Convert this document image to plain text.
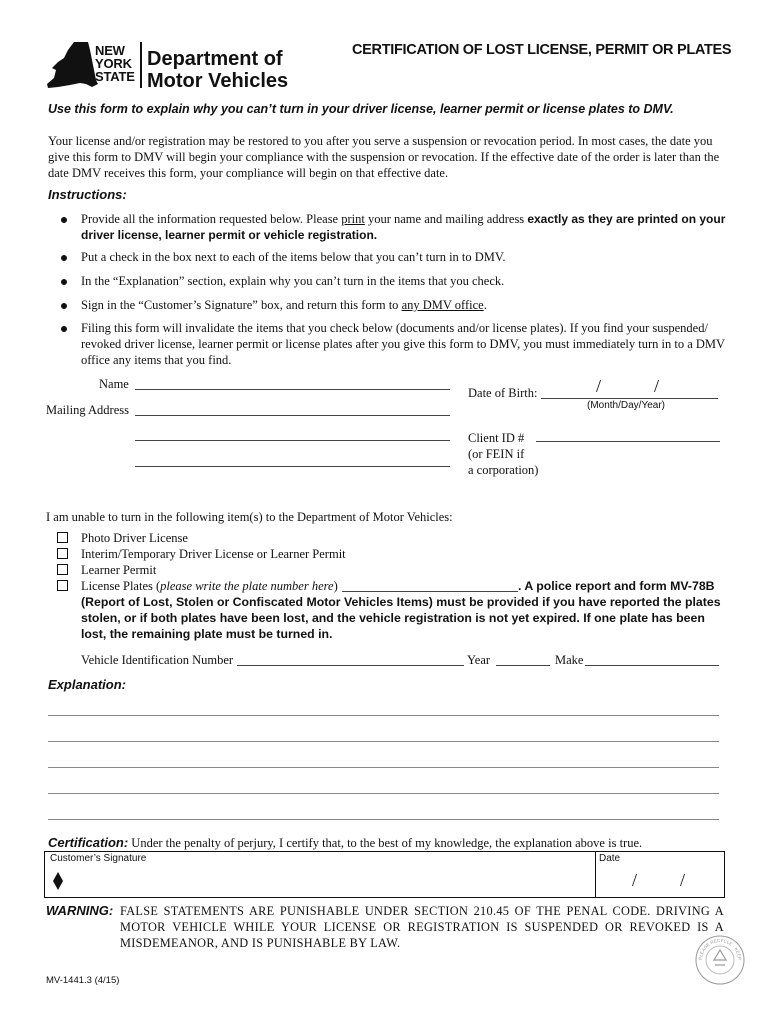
NEW
YORK
STATE
Department of
Motor Vehicles
CERTIFICATION OF LOST LICENSE, PERMIT OR PLATES
Use this form to explain why you can’t turn in your driver license, learner permit or license plates to DMV.
Your license and/or registration may be restored to you after you serve a suspension or revocation period. In most cases, the date you give this form to DMV will begin your compliance with the suspension or revocation. If the effective date of the order is later than the date DMV receives this form, your compliance will begin on that effective date.
Instructions:
Provide all the information requested below. Please print your name and mailing address exactly as they are printed on your driver license, learner permit or vehicle registration.
Put a check in the box next to each of the items below that you can’t turn in to DMV.
In the “Explanation” section, explain why you can’t turn in the items that you check.
Sign in the “Customer’s Signature” box, and return this form to any DMV office.
Filing this form will invalidate the items that you check below (documents and/or license plates). If you find your suspended/ revoked driver license, learner permit or license plates after you give this form to DMV, you must immediately turn in to a DMV office any items that you find.
Name
Mailing Address
Date of Birth:	/	/
(Month/Day/Year)
Client ID #
(or FEIN if
a corporation)
I am unable to turn in the following item(s) to the Department of Motor Vehicles:
Photo Driver License
Interim/Temporary Driver License or Learner Permit
Learner Permit
License Plates (please write the plate number here)	. A police report and form MV-78B
(Report of Lost, Stolen or Confiscated Motor Vehicles Items) must be provided if you have reported the plates stolen, or if both plates have been lost, and the vehicle registration is not yet expired. If one plate has been lost, the remaining plate must be turned in.
Vehicle Identification Number	Year	Make
Explanation:
Certification: Under the penalty of perjury, I certify that, to the best of my knowledge, the explanation above is true.
Customer’s Signature	Date
/ /
WARNING: FALSE STATEMENTS ARE PUNISHABLE UNDER SECTION 210.45 OF THE PENAL CODE. DRIVING A MOTOR VEHICLE WHILE YOUR LICENSE OR REGISTRATION IS SUSPENDED OR REVOKED IS A MISDEMEANOR, AND IS PUNISHABLE BY LAW.
MV-1441.3 (4/15)
PLEASE RECYCLE · KEEP
